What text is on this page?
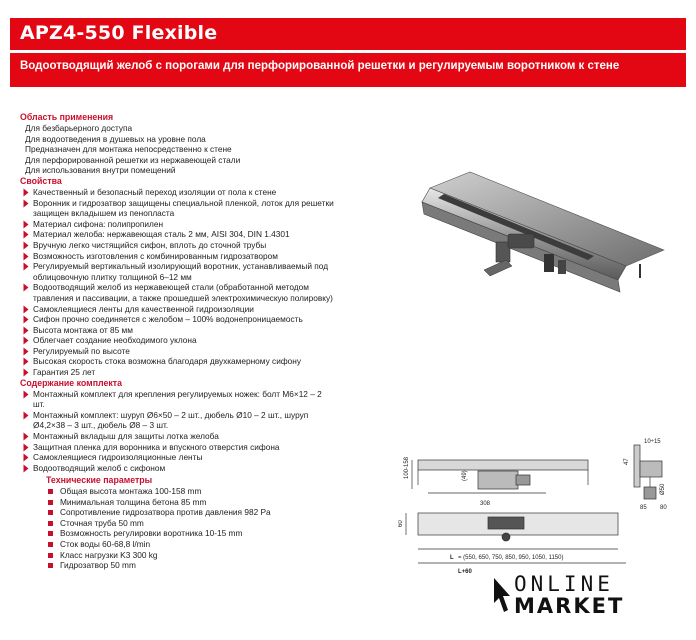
APZ4-550 Flexible
Водоотводящий желоб с порогами для перфорированной решетки и регулируемым воротником к стене
Область применения
Для безбарьерного доступа
Для водоотведения в душевых на уровне пола
Предназначен для монтажа непосредственно к стене
Для перфорированной решетки из нержавеющей стали
Для использования внутри помещений
Свойства
Качественный и безопасный переход изоляции от пола к стене
Воронник и гидрозатвор защищены специальной пленкой, лоток для решетки
защищен вкладышем из пенопласта
Материал сифона: полипропилен
Материал желоба: нержавеющая сталь 2 мм, AISI 304, DIN 1.4301
Вручную легко чистящийся сифон, вплоть до сточной трубы
Возможность изготовления с комбинированным гидрозатвором
Регулируемый вертикальный изолирующий воротник, устанавливаемый под
облицовочную плитку толщиной 6–12 мм
Водоотводящий желоб из нержавеющей стали (обработанной методом
травления и пассивации, а также прошедшей электрохимическую полировку)
Самоклеящиеся ленты для качественной гидроизоляции
Сифон прочно соединяется с желобом – 100% водонепроницаемость
Высота монтажа от 85 мм
Облегчает создание необходимого уклона
Регулируемый по высоте
Высокая скорость стока возможна благодаря двухкамерному сифону
Гарантия 25 лет
Содержание комплекта
Монтажный комплект для крепления регулируемых ножек: болт М6×12 – 2
шт.
Монтажный комплект: шуруп Ø6×50 – 2 шт., дюбель Ø10 – 2 шт., шуруп
Ø4,2×38 – 3 шт., дюбель Ø8 – 3 шт.
Монтажный вкладыш для защиты лотка желоба
Защитная пленка для воронника и впускного отверстия сифона
Самоклеящиеся гидроизоляционные ленты
Водоотводящий желоб с сифоном
Технические параметры
Общая высота монтажа 100-158 mm
Минимальная толщина бетона 85 mm
Сопротивление гидрозатвора против давления 982 Pa
Сточная труба 50 mm
Возможность регулировки воротника 10-15 mm
Сток воды 60-68,8 l/min
Класс нагрузки K3 300 kg
Гидрозатвор 50 mm
100-158	(49)
308
60
L = (550, 650, 750, 850, 950, 1050, 1150)
L+60
10÷15
47
85 80
Ø50
ONLINE
MARKET
